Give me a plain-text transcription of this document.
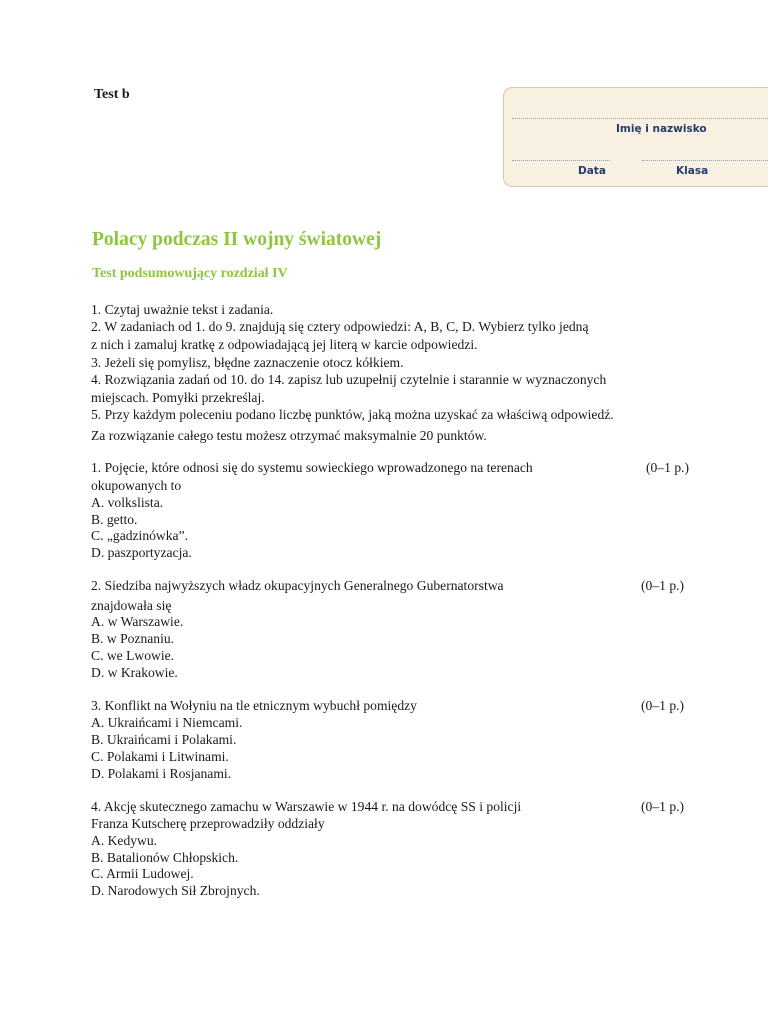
Test b
Imię i nazwisko
Data	Klasa
Polacy podczas II wojny światowej
Test podsumowujący rozdział IV
1. Czytaj uważnie tekst i zadania.
2. W zadaniach od 1. do 9. znajdują się cztery odpowiedzi: A, B, C, D. Wybierz tylko jedną
z nich i zamaluj kratkę z odpowiadającą jej literą w karcie odpowiedzi.
3. Jeżeli się pomylisz, błędne zaznaczenie otocz kółkiem.
4. Rozwiązania zadań od 10. do 14. zapisz lub uzupełnij czytelnie i starannie w wyznaczonych
miejscach. Pomyłki przekreślaj.
5. Przy każdym poleceniu podano liczbę punktów, jaką można uzyskać za właściwą odpowiedź.
Za rozwiązanie całego testu możesz otrzymać maksymalnie 20 punktów.
1. Pojęcie, które odnosi się do systemu sowieckiego wprowadzonego na terenach	(0–1 p.)
okupowanych to
A. volkslista.
B. getto.
C. „gadzinówka”.
D. paszportyzacja.
2. Siedziba najwyższych władz okupacyjnych Generalnego Gubernatorstwa	(0–1 p.)
znajdowała się
A. w Warszawie.
B. w Poznaniu.
C. we Lwowie.
D. w Krakowie.
3. Konflikt na Wołyniu na tle etnicznym wybuchł pomiędzy	(0–1 p.)
A. Ukraińcami i Niemcami.
B. Ukraińcami i Polakami.
C. Polakami i Litwinami.
D. Polakami i Rosjanami.
4. Akcję skutecznego zamachu w Warszawie w 1944 r. na dowódcę SS i policji	(0–1 p.)
Franza Kutscherę przeprowadziły oddziały
A. Kedywu.
B. Batalionów Chłopskich.
C. Armii Ludowej.
D. Narodowych Sił Zbrojnych.
